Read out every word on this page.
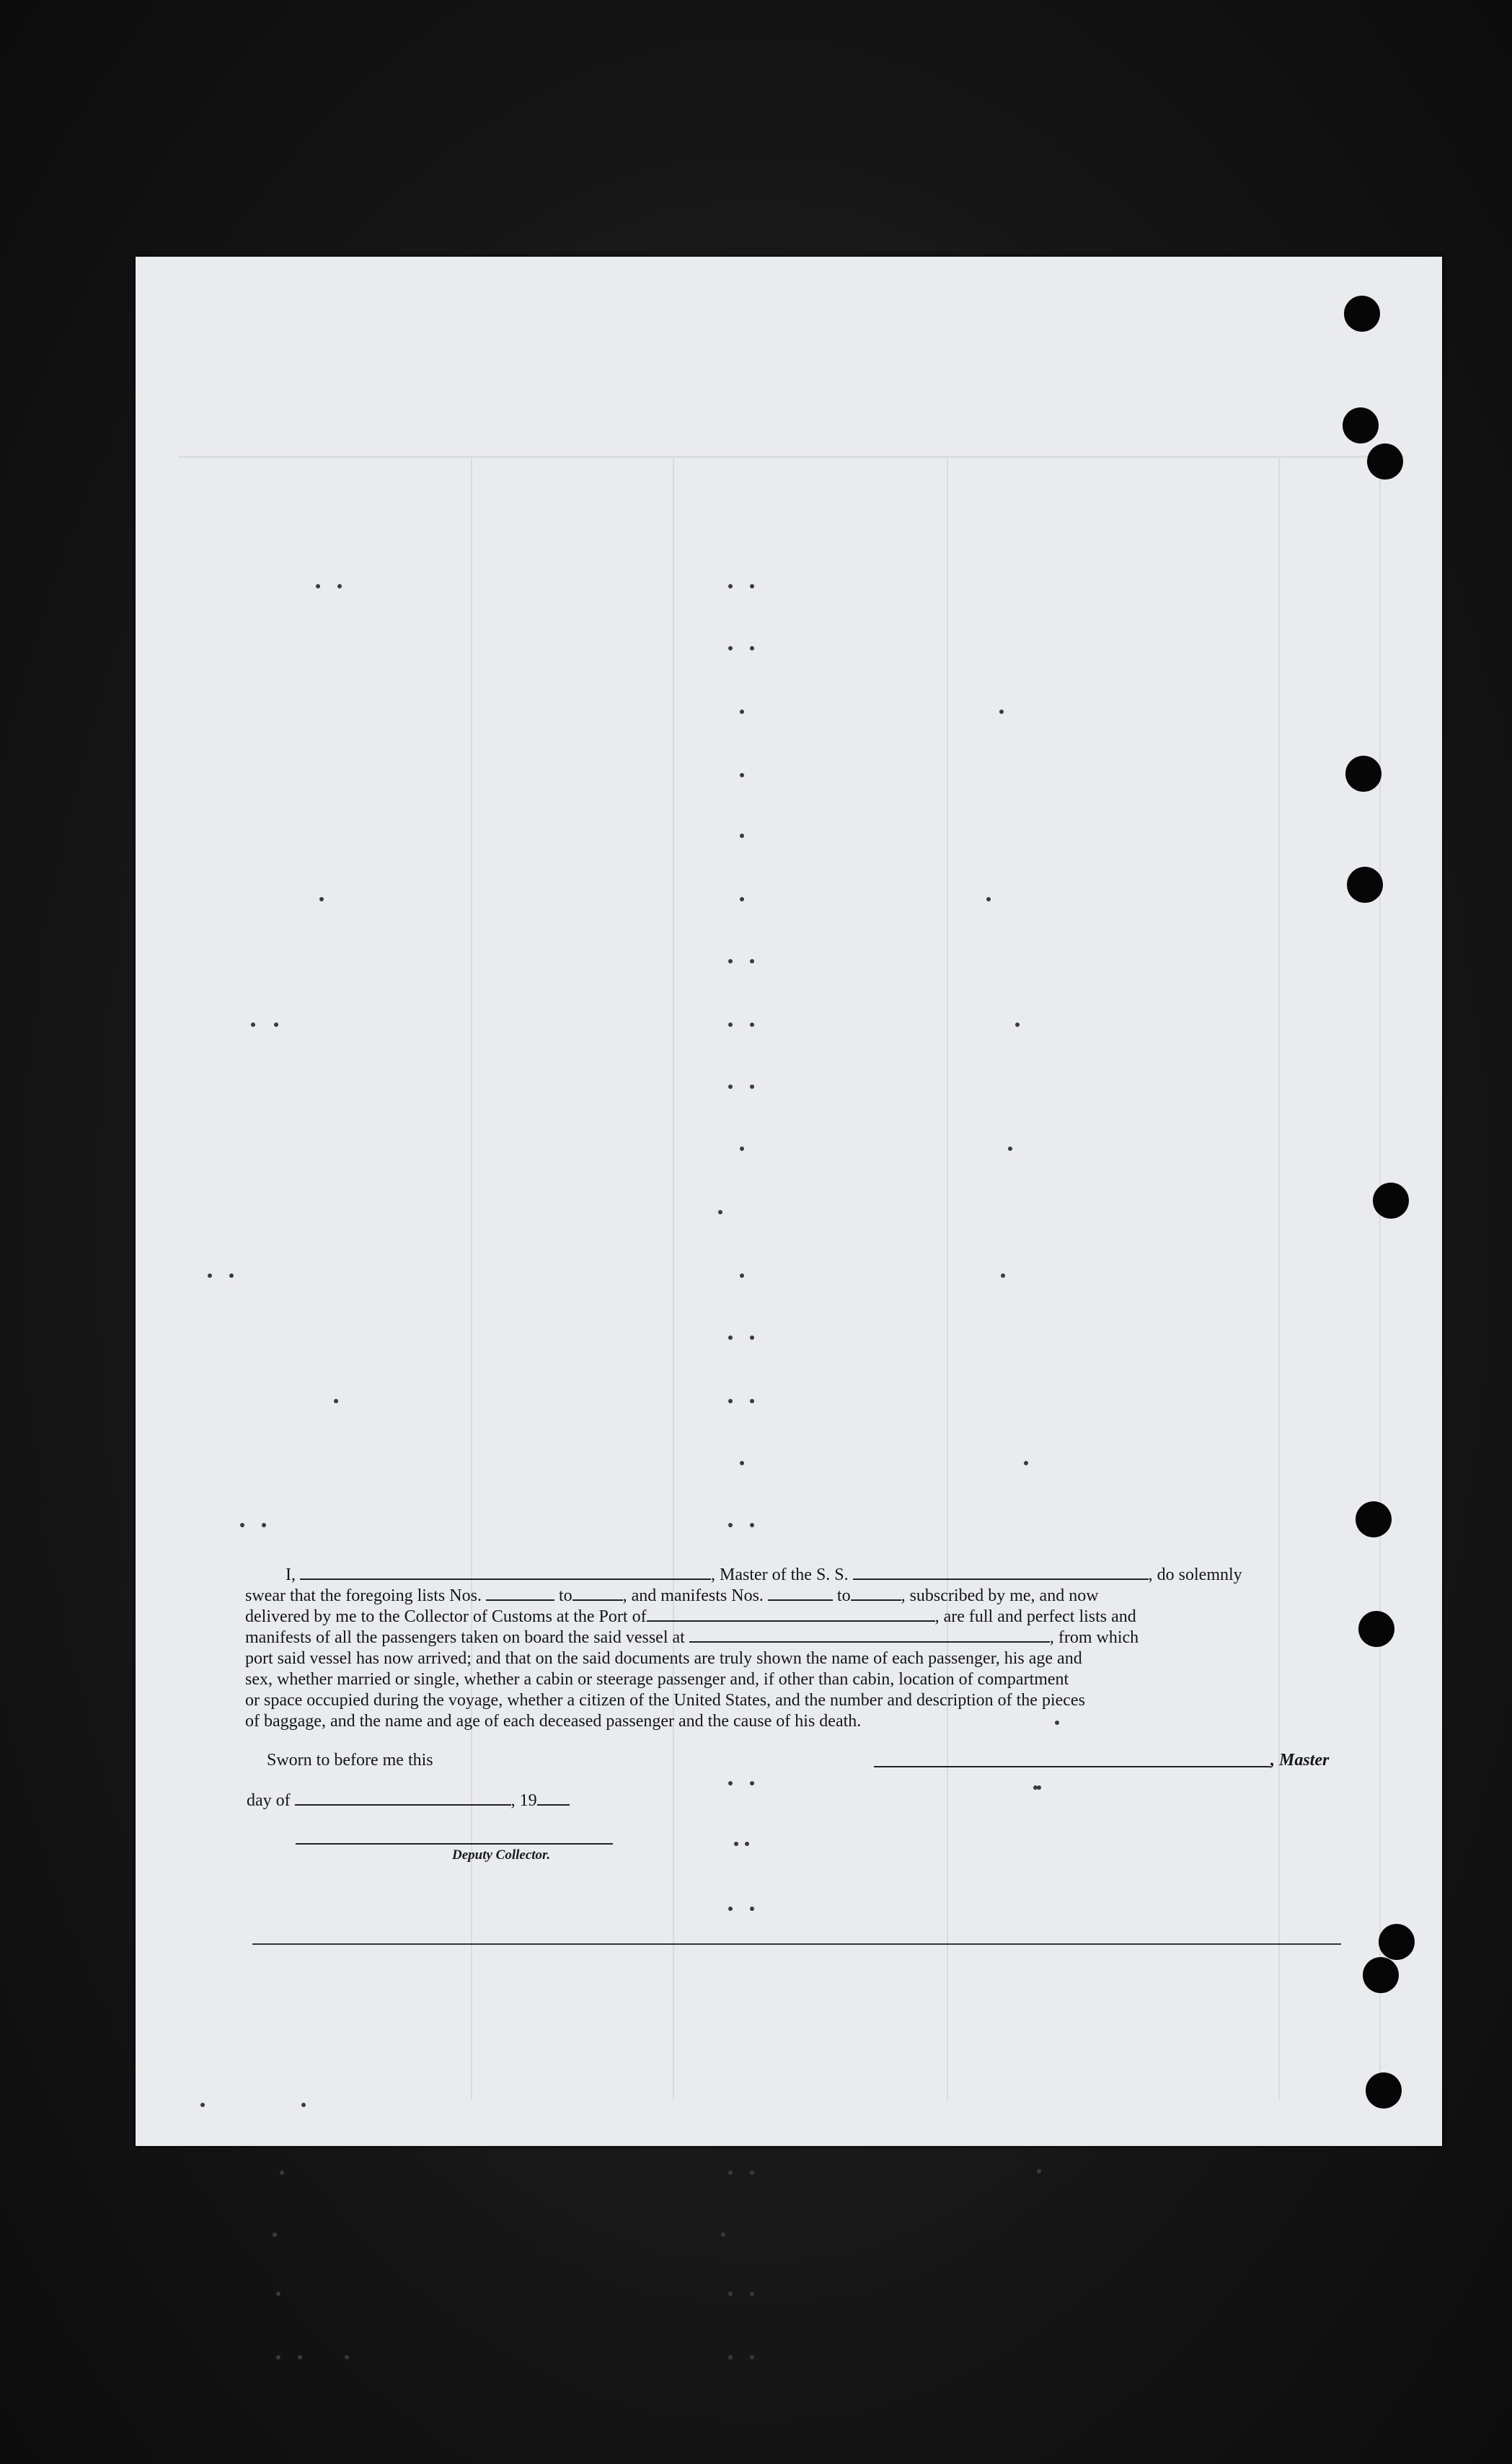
I,	, Master of the S. S.	, do solemnly

swear that the foregoing lists Nos.	to	, and manifests Nos.	to	, subscribed by me, and now

delivered by me to the Collector of Customs at the Port of	, are full and perfect lists and

manifests of all the passengers taken on board the said vessel at	, from which

port said vessel has now arrived; and that on the said documents are truly shown the name of each passenger, his age and

sex, whether married or single, whether a cabin or steerage passenger and, if other than cabin, location of compartment

or space occupied during the voyage, whether a citizen of the United States, and the number and description of the pieces

of baggage, and the name and age of each deceased passenger and the cause of his death.

Sworn to before me this
day of	, 19
Deputy Collector.
, Master
